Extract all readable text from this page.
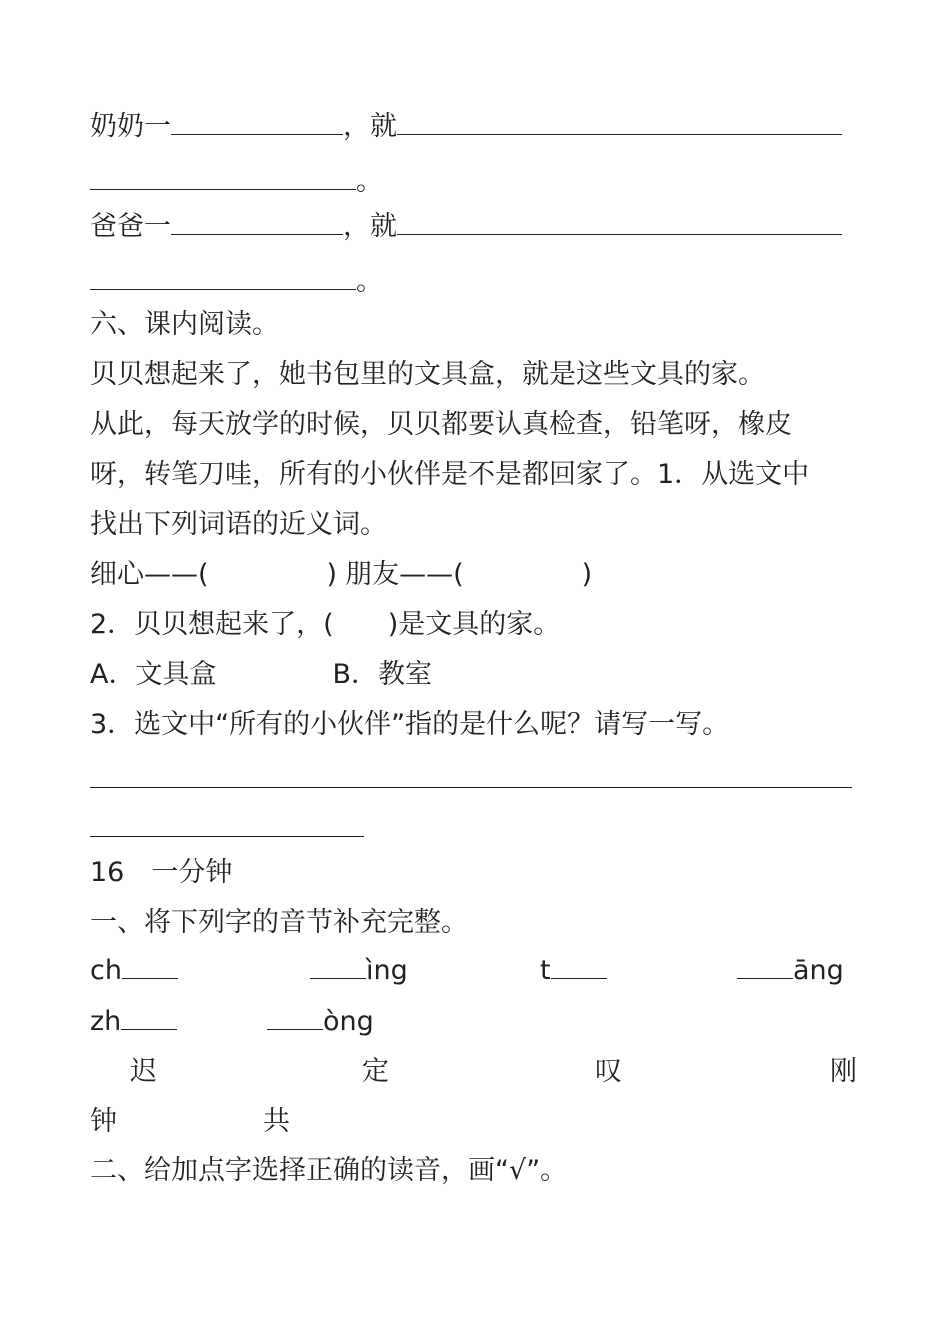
奶奶一	，就
。
爸爸一	，就
。
六、课内阅读。
贝贝想起来了，她书包里的文具盒，就是这些文具的家。
从此，每天放学的时候，贝贝都要认真检查，铅笔呀，橡皮
呀，转笔刀哇，所有的小伙伴是不是都回家了。1．从选文中
找出下列词语的近义词。
细心——(	) 朋友——(	)
2．贝贝想起来了，(　　)是文具的家。
A．文具盒	B．教室
3．选文中“所有的小伙伴”指的是什么呢？请写一写。
16　一分钟
一、将下列字的音节补充完整。
ch	ìng	t	āng
zh	òng
迟	定	叹	刚
钟	共
二、给加点字选择正确的读音，画“√”。
